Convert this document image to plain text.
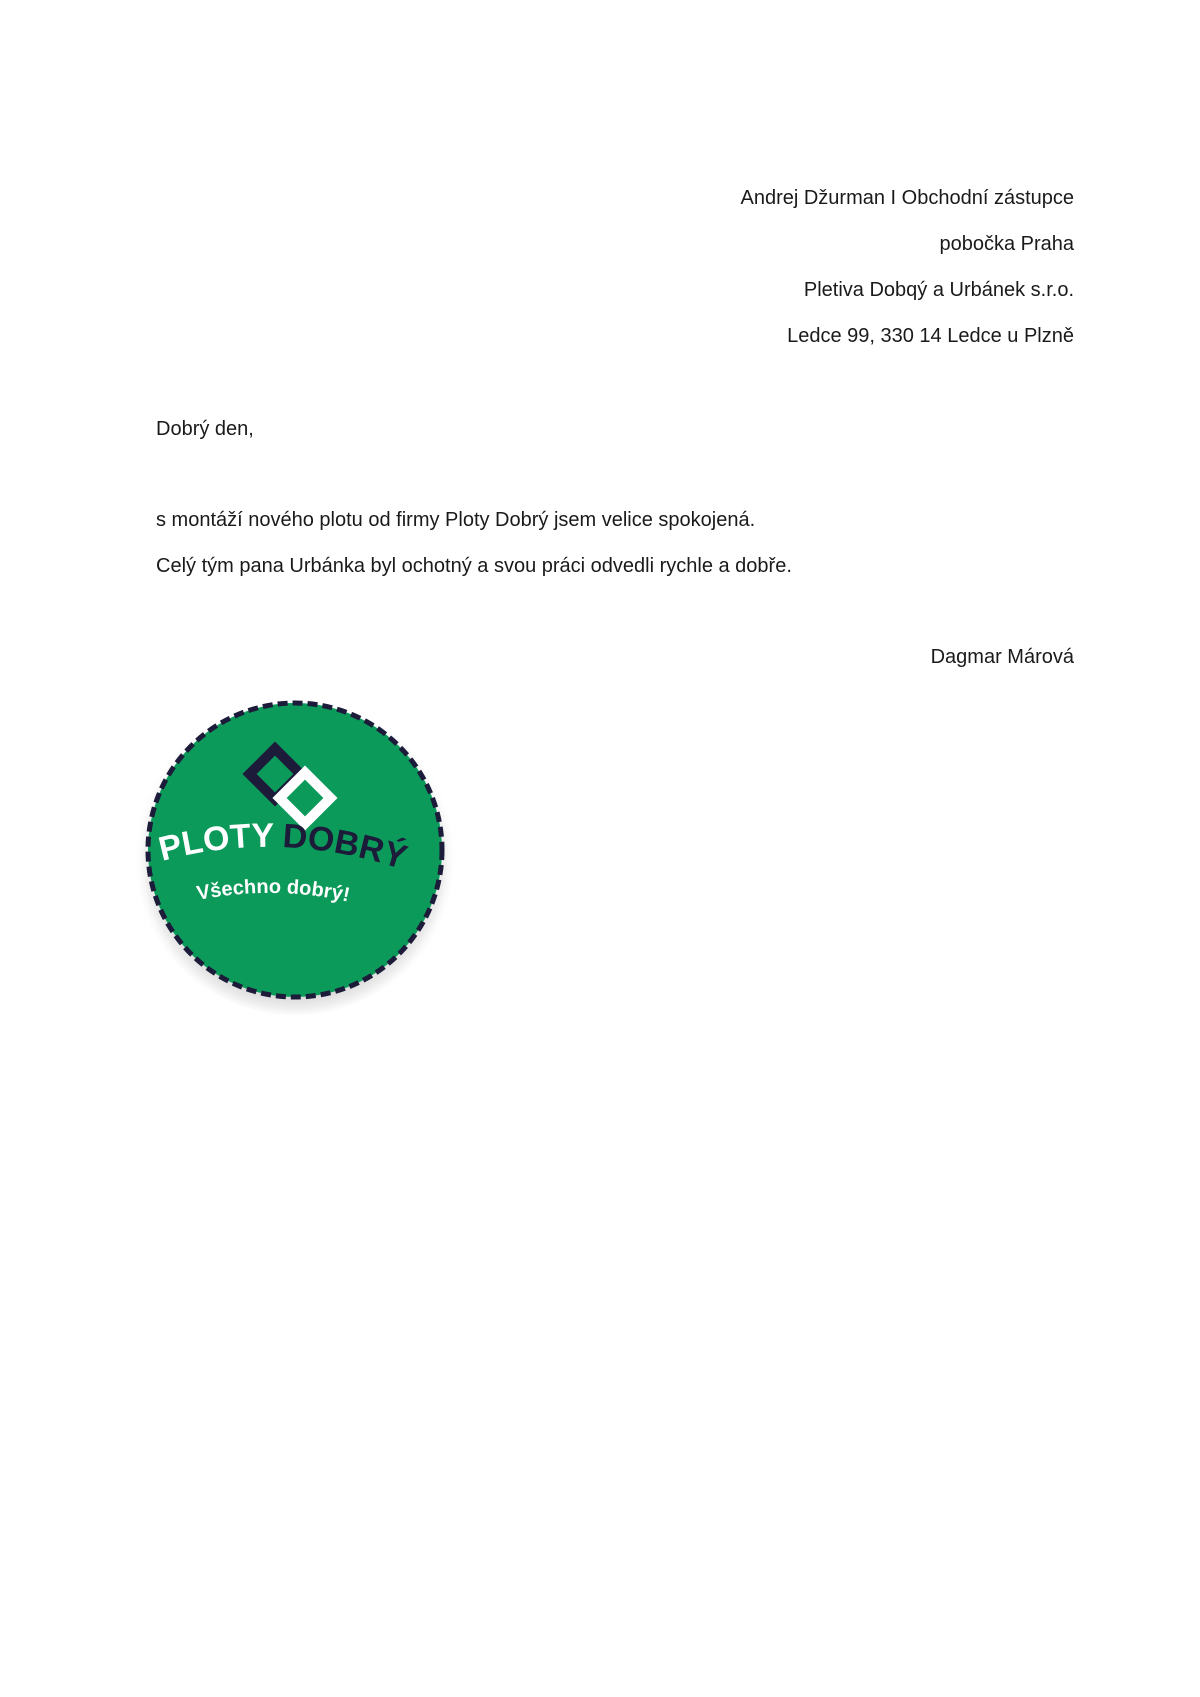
Andrej Džurman I Obchodní zástupce
pobočka Praha
Pletiva Dobqý a Urbánek s.r.o.
Ledce 99, 330 14 Ledce u Plzně
Dobrý den,
s montáží nového plotu od firmy Ploty Dobrý jsem velice spokojená.
Celý tým pana Urbánka byl ochotný a svou práci odvedli rychle a dobře.
Dagmar Márová
PLOTY DOBRÝ
Všechno dobrý!
